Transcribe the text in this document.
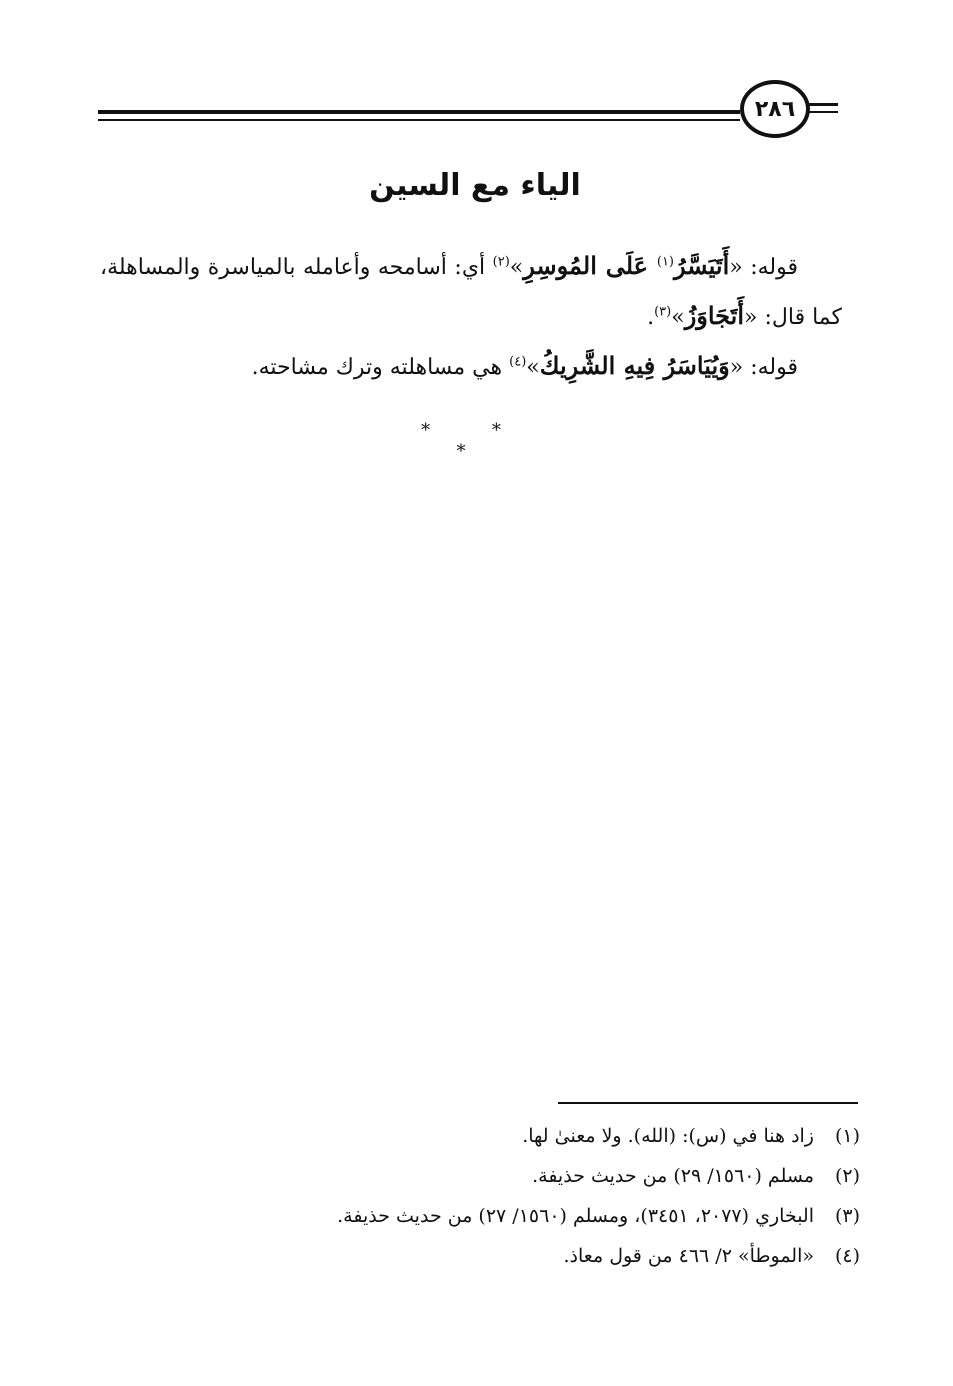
٢٨٦
الياء مع السين

قوله: «أَتَيَسَّرُ$^{(١)}$ عَلَى المُوسِرِ»$^{(٢)}$ أي: أسامحه وأعامله بالمياسرة والمساهلة، كما قال: «أَتَجَاوَزُ»$^{(٣)}$.

قوله: «وَيُيَاسَرُ فِيهِ الشَّرِيكُ»$^{(٤)}$ هي مساهلته وترك مشاحته.

* * *
(١)زاد هنا في (س): (الله). ولا معنىٰ لها.
(٢)مسلم (١٥٦٠/ ٢٩) من حديث حذيفة.
(٣)البخاري (٢٠٧٧، ٣٤٥١)، ومسلم (١٥٦٠/ ٢٧) من حديث حذيفة.
(٤)«الموطأ» ٢/ ٤٦٦ من قول معاذ.
